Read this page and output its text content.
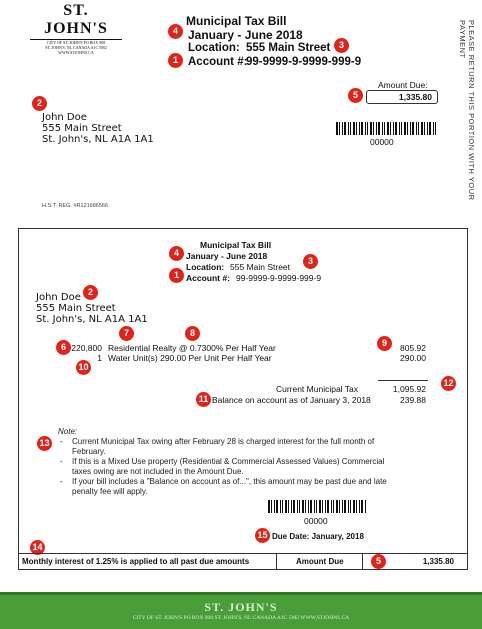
ST. JOHN'S
CITY OF ST. JOHN'S PO BOX 908
ST. JOHN'S, NL CANADA A1C 5M2
WWW.STJOHNS.CA
Municipal Tax Bill
January - June 2018
Location: 555 Main Street
Account #:
99-9999-9-9999-999-9
4
3
1
Amount Due:
5	1,335.80
2
John Doe
555 Main Street
St. John's, NL A1A 1A1	00000
H.S.T. REG. #R121686566
PLEASE RETURN THIS PORTION WITH YOUR PAYMENT
Municipal Tax Bill
January - June 2018
Location: 555 Main Street
Account #: 99-9999-9-9999-999-9
4
3
1
2
John Doe
555 Main Street
St. John's, NL A1A 1A1
7	8
9
6
10
220,800 Residential Realty @ 0.7300% Per Half Year	805.92
1 Water Unit(s) 290.00 Per Unit Per Half Year	290.00
Current Municipal Tax	1,095.92
12
11 Balance on account as of January 3, 2018	239.88
Note:
13	-	Current Municipal Tax owing after February 28 is charged interest for the full month of February.
-	If this is a Mixed Use property (Residential & Commercial Assessed Values) Commercial taxes owing are not included in the Amount Due.
-	If your bill includes a "Balance on account as of...", this amount may be past due and late penalty fee will apply.
00000
15 Due Date: January, 2018
14
Monthly interest of 1.25% is applied to all past due amounts	Amount Due	1,335.80
5
ST. JOHN'S
CITY OF ST. JOHN'S PO BOX 908 ST. JOHN'S, NL CANADA A1C 5M2 WWW.STJOHNS.CA
